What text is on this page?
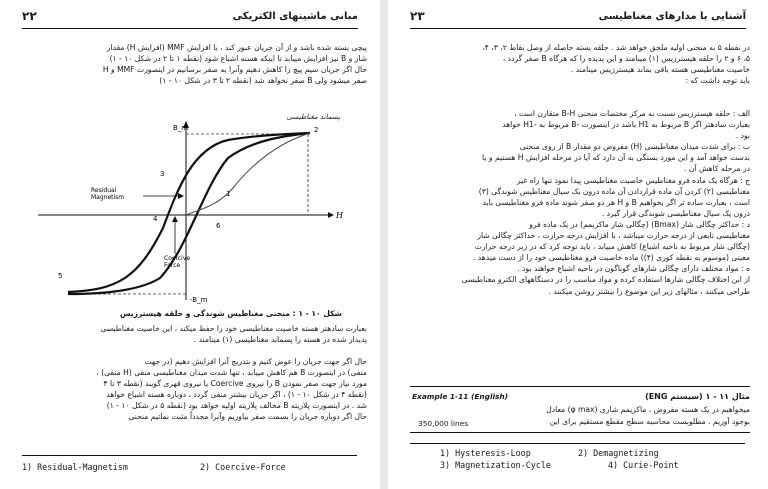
مبانی ماشینهای الکتریکی
۲۲
پیچی بسته شده باشد و از آن جریان عبور کند ، با افزایش MMF (افزایش H) مقدار
شار و B نیز افزایش مییابد تا اینکه هسته اشباع شود (نقطه ۱ تا ۲ در شکل ۱۰ - ۱)
حال اگر جریان سیم پیچ را کاهش دهیم وآنرا به صفر برسانیم در اینصورت MMF و H
صفر میشود ولی B صفر نخواهد شد (نقطه ۲ تا ۳ در شکل ۱۰ - ۱)
پسماند مغناطیسی
B_m
-B_m
H
Residual
Magnetism
Coercive
Force
2
1
3
4
5
6
شکل ۱۰ - ۱ : منحنی مغناطیس شوندگی و حلقه هیسترزیس
بعبارت سادهتر هسته خاصیت مغناطیسی خود را حفظ میکند ، این خاصیت مغناطیسی
پدیدار شده در هسته را پسماند مغناطیسی (۱) مینامند .
حال اگر جهت جریان را عوض کنیم و بتدریج آنرا افزایش دهیم (در جهت
منفی) در اینصورت B هم کاهش مییابد ، تنها شدت میدان مغناطیسی منفی (H منفی) ،
مورد نیاز جهت صفر نمودن B را نیروی Coercive یا نیروی قهری گویند (نقطه ۳ تا ۴
(نقطه ۴ در شکل ۱۰ - ۱) ، اگر جریان بیشتر منفی گردد ، دوباره هسته اشباع خواهد
شد . در اینصورت پلاریته B مخالف پلاریته اولیه خواهد بود (نقطه ۵ در شکل ۱۰ - ۱)
حال اگر دوباره جریان را بسمت صفر بیاوریم وآنرا مجدداً مثبت نمائیم منحنی
1) Residual-Magnetism	2) Coercive-Force
آشنایی با مدارهای مغناطیسی
۲۳
در نقطه ۵ به منحنی اولیه ملحق خواهد شد . حلقه بسته حاصله از وصل نقاط ۲، ۳، ۴،
۵، ۶ و ۲ را حلقه هیسترزیس (۱) مینامند و این پدیده را که هرگاه B صفر گردد ،
خاصیت مغناطیسی هسته باقی بماند هیسترزیس مینامند .
باید توجه داشت که :
الف : حلقه هیسترزیس نسبت به مرکز مختصات منحنی B-H متقارن است ،
بعبارت سادهتر اگر B مربوط به H1 باشد در اینصورت -B مربوط به -H1 خواهد
بود .
ب : برای شدت میدان مغناطیسی (H) مفروض دو مقدار B از روی منحنی
بدست خواهد آمد و این مورد بستگی به آن دارد که آیا در مرحله افزایش H هستیم و یا
در مرحله کاهش آن .
ج : هرگاه یک ماده فرو مغناطیس خاصیت مغناطیسی پیدا نمود تنها راه غیر
مغناطیسی (۲) کردن آن ماده قراردادن آن ماده درون یک سیال مغناطیس شوندگی (۳)
است ، بعبارت ساده تر اگر بخواهیم B و H هر دو صفر شوند ماده فرو مغناطیسی باید
درون یک سیال مغناطیسی شوندگی قرار گیرد .
د : حداکثر چگالی شار (Bmax) (چگالی شار ماکزیمم) در یک ماده فرو
مغناطیسی تابعی از درجه حرارت میباشد ، با افزایش درجه حرارت ، حداکثر چگالی شار
(چگالی شار مربوط به ناحیه اشباع) کاهش مییابد ، باید توجه کرد که در زیر درجه حرارت
معینی (موسوم به نقطه کوری (۴)) ماده خاصیت فرو مغناطیسی خود را از دست میدهد .
ه : مواد مختلف دارای چگالی شارهای گوناگون در ناحیه اشباع خواهند بود .
از این اختلاف چگالی شارها استفاده کرده و مواد مناسب را در دستگاههای الکترو مغناطیسی
طراحی میکنند ، مثالهای زیر این موضوع را بیشتر روشن میکنند .
مثال ۱۱ - ۱ (سیستم ENG)
Example 1-11 (English)
میخواهیم در یک هسته مفروض ، ماکزیمم شاری (φ max) معادل
بوجود آوریم . مطلوبست محاسبه سطح مقطع مستقیم برای این
350,000 lines
1) Hysteresis-Loop	2) Demagnetizing
3) Magnetization-Cycle	4) Curie-Point
